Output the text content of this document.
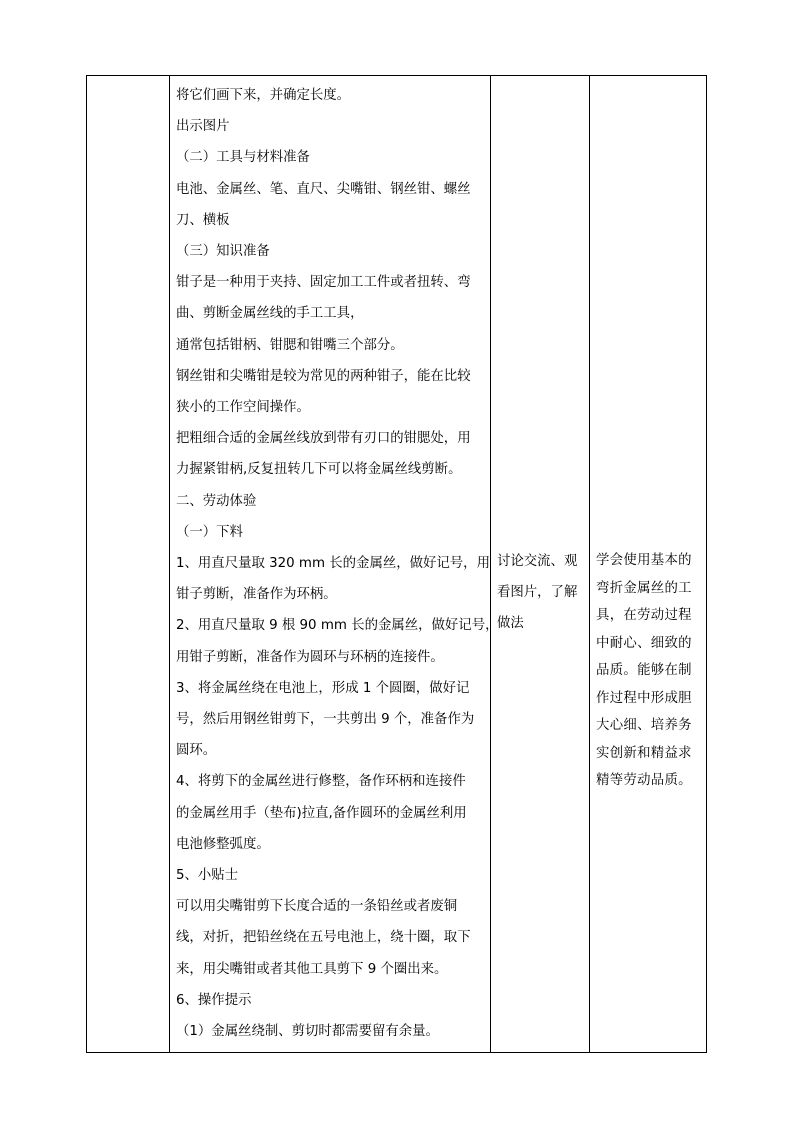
将它们画下来，并确定长度。
出示图片
（二）工具与材料准备
电池、金属丝、笔、直尺、尖嘴钳、钢丝钳、螺丝
刀、横板
（三）知识准备
钳子是一种用于夹持、固定加工工件或者扭转、弯
曲、剪断金属丝线的手工工具，
通常包括钳柄、钳腮和钳嘴三个部分。
钢丝钳和尖嘴钳是较为常见的两种钳子，能在比较
狭小的工作空间操作。
把粗细合适的金属丝线放到带有刃口的钳腮处，用
力握紧钳柄,反复扭转几下可以将金属丝线剪断。
二、劳动体验
（一）下料
1、用直尺量取 320 mm 长的金属丝，做好记号，用
钳子剪断，准备作为环柄。
2、用直尺量取 9 根 90 mm 长的金属丝，做好记号，
用钳子剪断，准备作为圆环与环柄的连接件。
3、将金属丝绕在电池上，形成 1 个圆圈，做好记
号，然后用钢丝钳剪下，一共剪出 9 个，准备作为
圆环。
4、将剪下的金属丝进行修整，备作环柄和连接件
的金属丝用手（垫布)拉直,备作圆环的金属丝利用
电池修整弧度。
5、小贴士
可以用尖嘴钳剪下长度合适的一条铅丝或者废铜
线，对折，把铅丝绕在五号电池上，绕十圈，取下
来，用尖嘴钳或者其他工具剪下 9 个圈出来。
6、操作提示
（1）金属丝绕制、剪切时都需要留有余量。
讨论交流、观
看图片，了解
做法
学会使用基本的
弯折金属丝的工
具，在劳动过程
中耐心、细致的
品质。能够在制
作过程中形成胆
大心细、培养务
实创新和精益求
精等劳动品质。
